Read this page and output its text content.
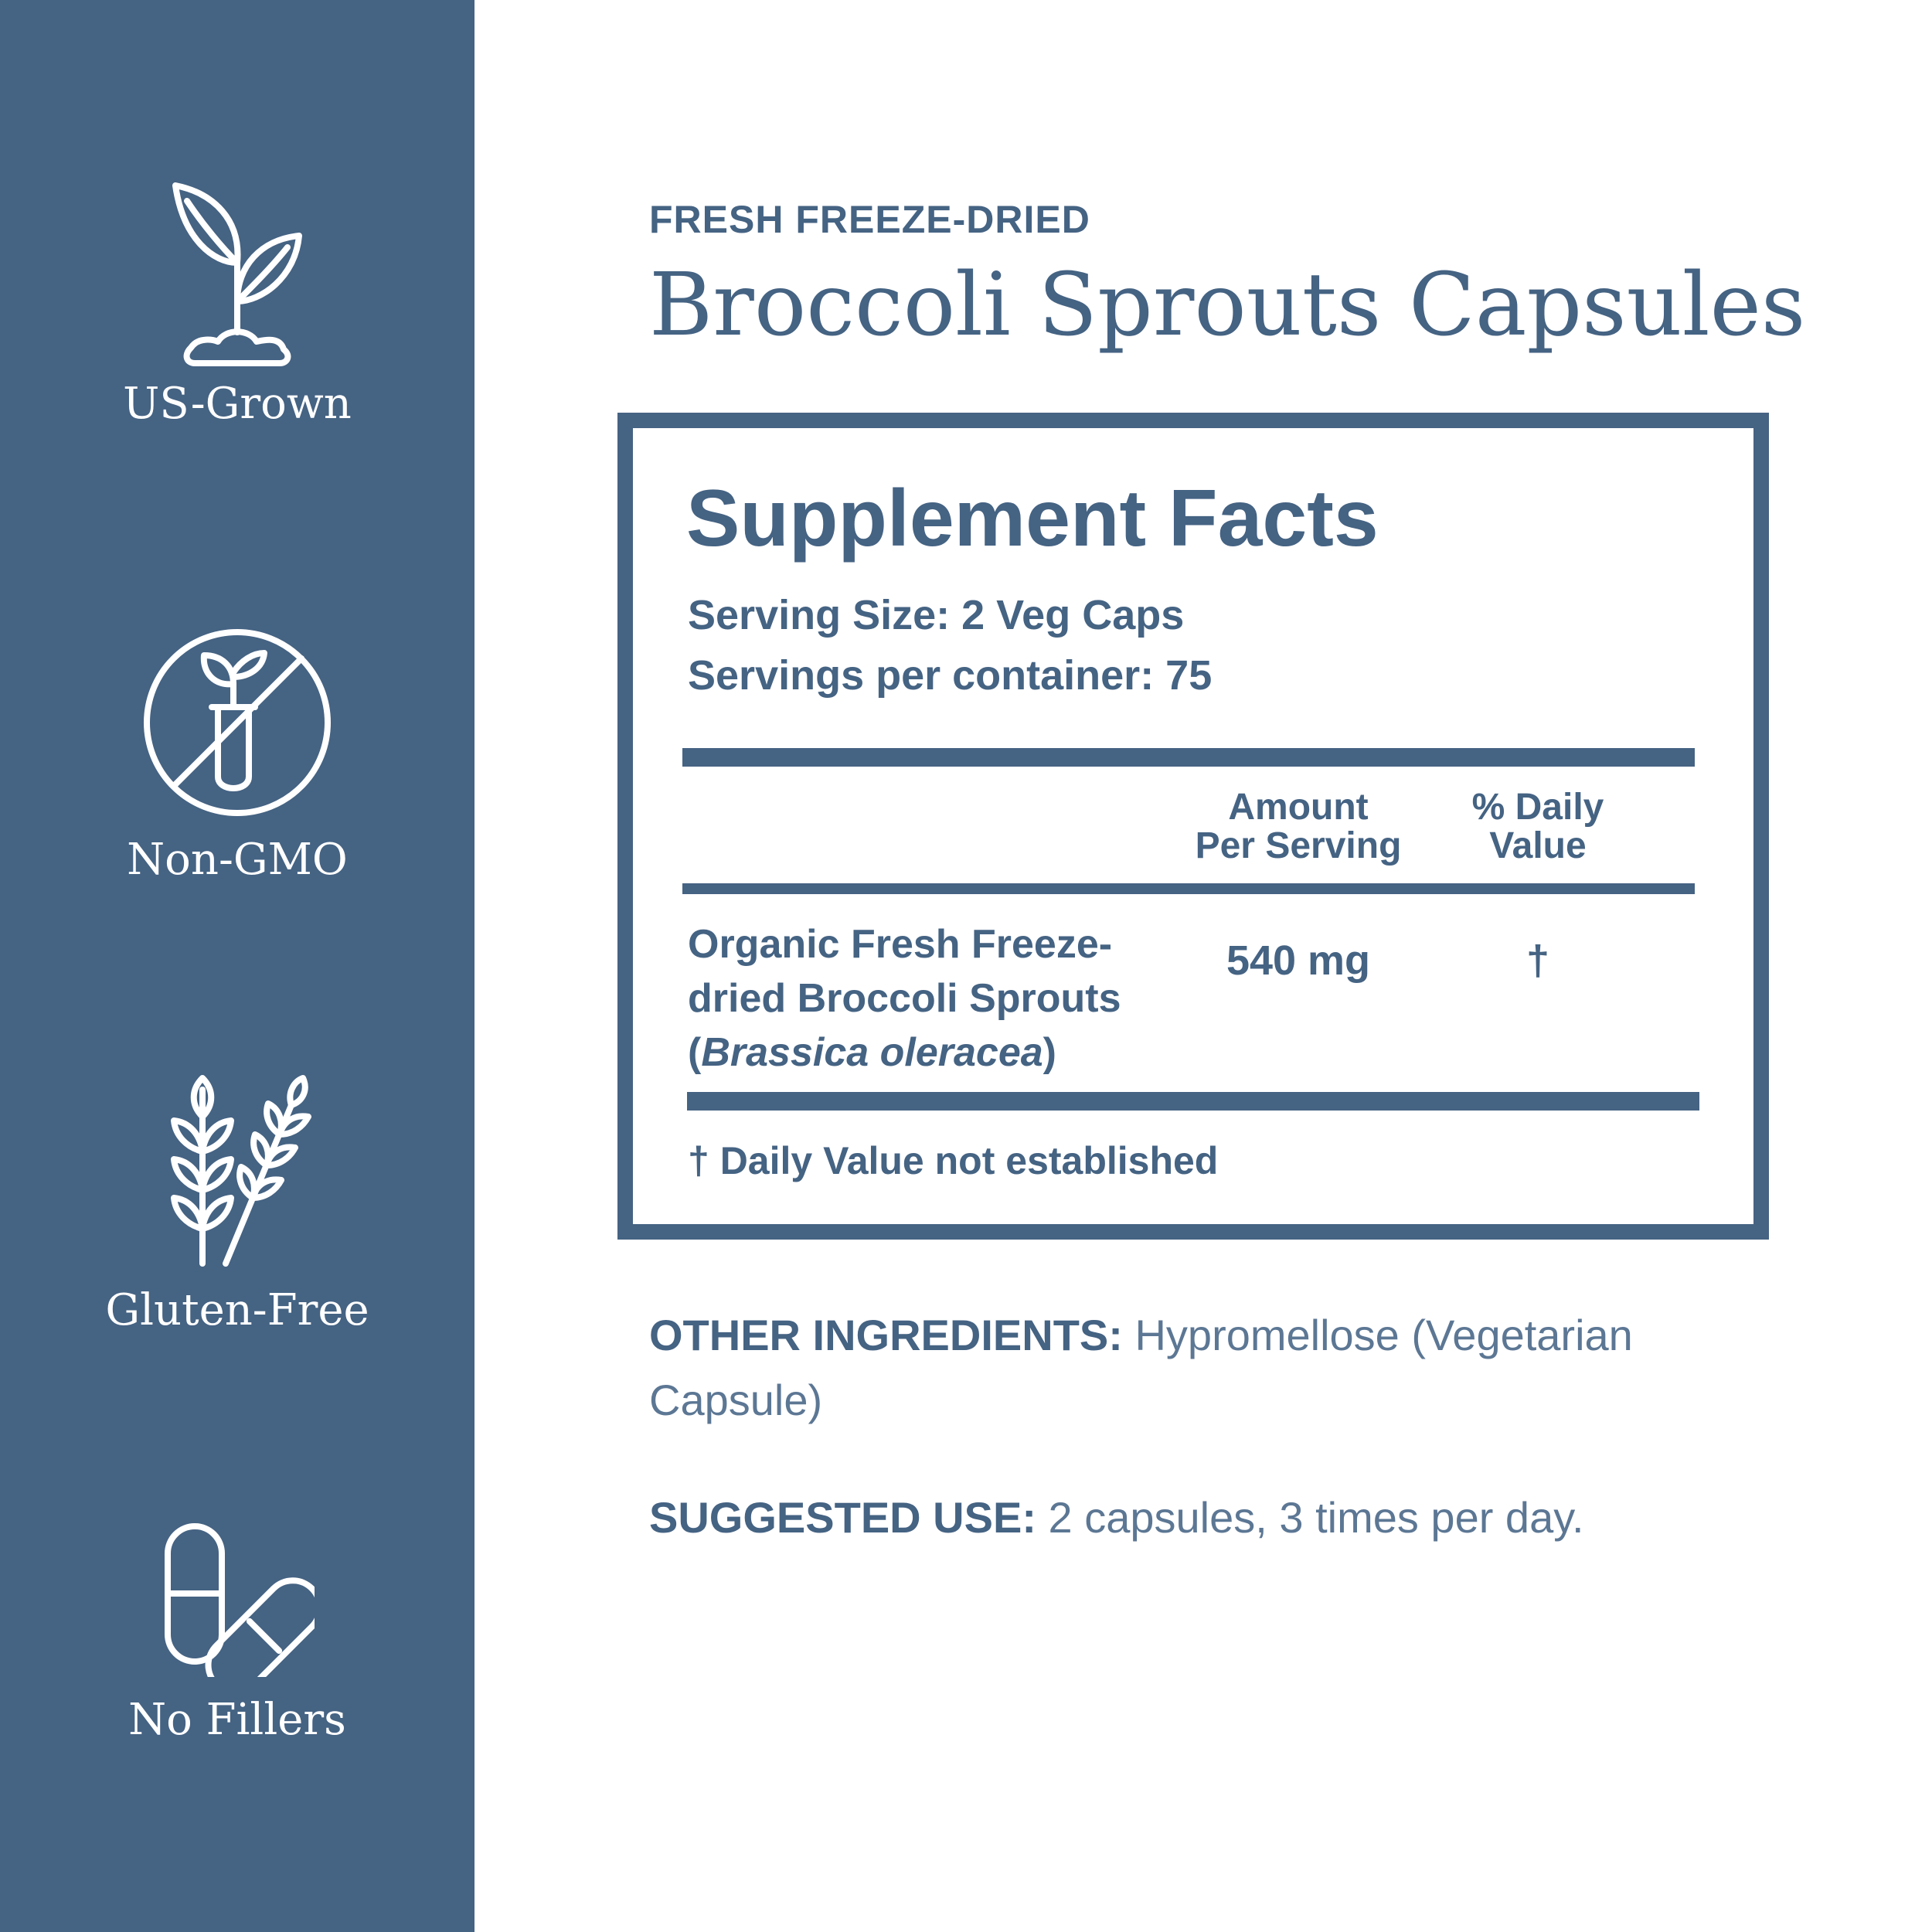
US-Grown
Non-GMO
Gluten-Free
No Fillers
FRESH FREEZE-DRIED
Broccoli Sprouts Capsules
Supplement Facts
Serving Size: 2 Veg Caps
Servings per container: 75
Amount
Per Serving
% Daily
Value
Organic Fresh Freeze-
dried Broccoli Sprouts
(Brassica oleracea)
540 mg	†
† Daily Value not established
OTHER INGREDIENTS: Hypromellose (Vegetarian Capsule)
SUGGESTED USE: 2 capsules, 3 times per day.
